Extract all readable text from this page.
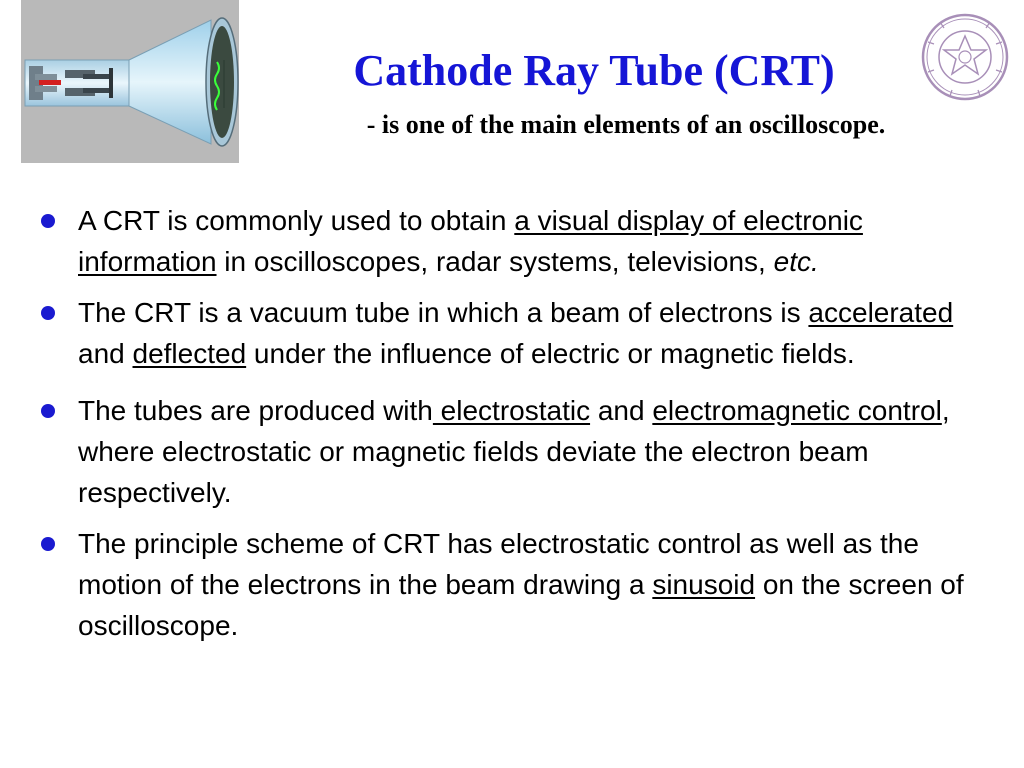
Cathode Ray Tube (CRT)
- is one of the main elements of an oscilloscope.
A CRT is commonly used to obtain a visual display of electronic information in oscilloscopes, radar systems, televisions, etc.
The CRT is a vacuum tube in which a beam of electrons is accelerated and deflected under the influence of electric or magnetic fields.
The tubes are produced with electrostatic and electromagnetic control, where electrostatic or magnetic fields deviate the electron beam respectively.
The principle scheme of CRT has electrostatic control as well as the motion of the electrons in the beam drawing a sinusoid on the screen of oscilloscope.
